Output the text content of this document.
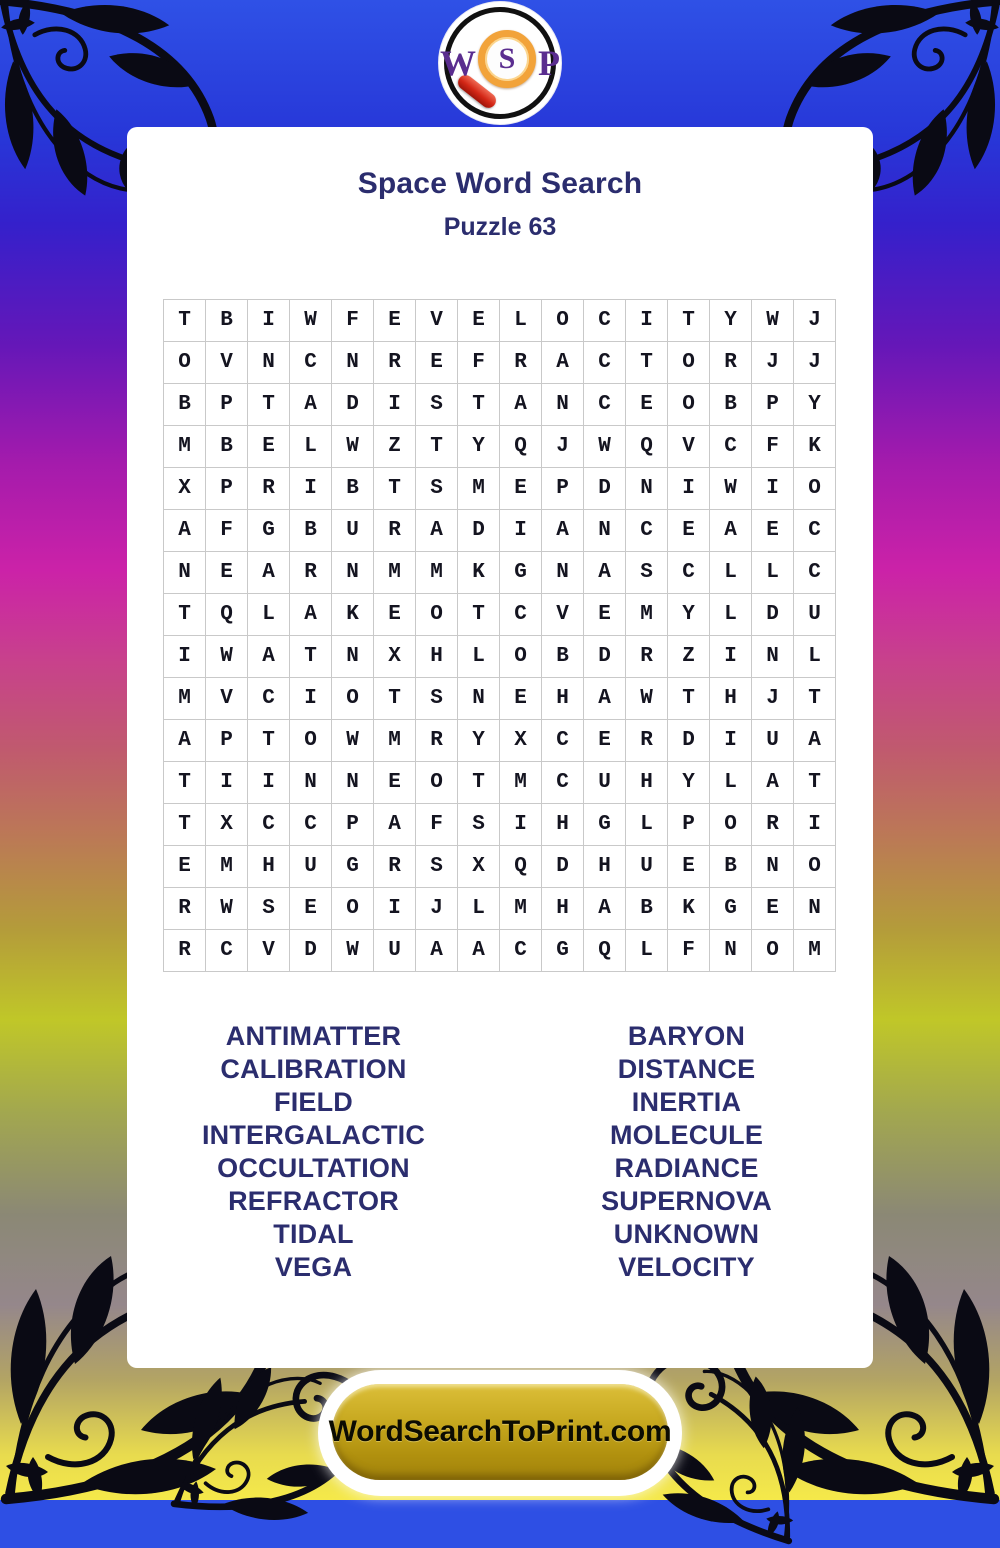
W S P
Space Word Search
Puzzle 63
T	B	I	W	F	E	V	E	L	O	C	I	T	Y	W	J
O	V	N	C	N	R	E	F	R	A	C	T	O	R	J	J
B	P	T	A	D	I	S	T	A	N	C	E	O	B	P	Y
M	B	E	L	W	Z	T	Y	Q	J	W	Q	V	C	F	K
X	P	R	I	B	T	S	M	E	P	D	N	I	W	I	O
A	F	G	B	U	R	A	D	I	A	N	C	E	A	E	C
N	E	A	R	N	M	M	K	G	N	A	S	C	L	L	C
T	Q	L	A	K	E	O	T	C	V	E	M	Y	L	D	U
I	W	A	T	N	X	H	L	O	B	D	R	Z	I	N	L
M	V	C	I	O	T	S	N	E	H	A	W	T	H	J	T
A	P	T	O	W	M	R	Y	X	C	E	R	D	I	U	A
T	I	I	N	N	E	O	T	M	C	U	H	Y	L	A	T
T	X	C	C	P	A	F	S	I	H	G	L	P	O	R	I
E	M	H	U	G	R	S	X	Q	D	H	U	E	B	N	O
R	W	S	E	O	I	J	L	M	H	A	B	K	G	E	N
R	C	V	D	W	U	A	A	C	G	Q	L	F	N	O	M
ANTIMATTER
CALIBRATION
FIELD
INTERGALACTIC
OCCULTATION
REFRACTOR
TIDAL
VEGA
BARYON
DISTANCE
INERTIA
MOLECULE
RADIANCE
SUPERNOVA
UNKNOWN
VELOCITY
WordSearchToPrint.com
